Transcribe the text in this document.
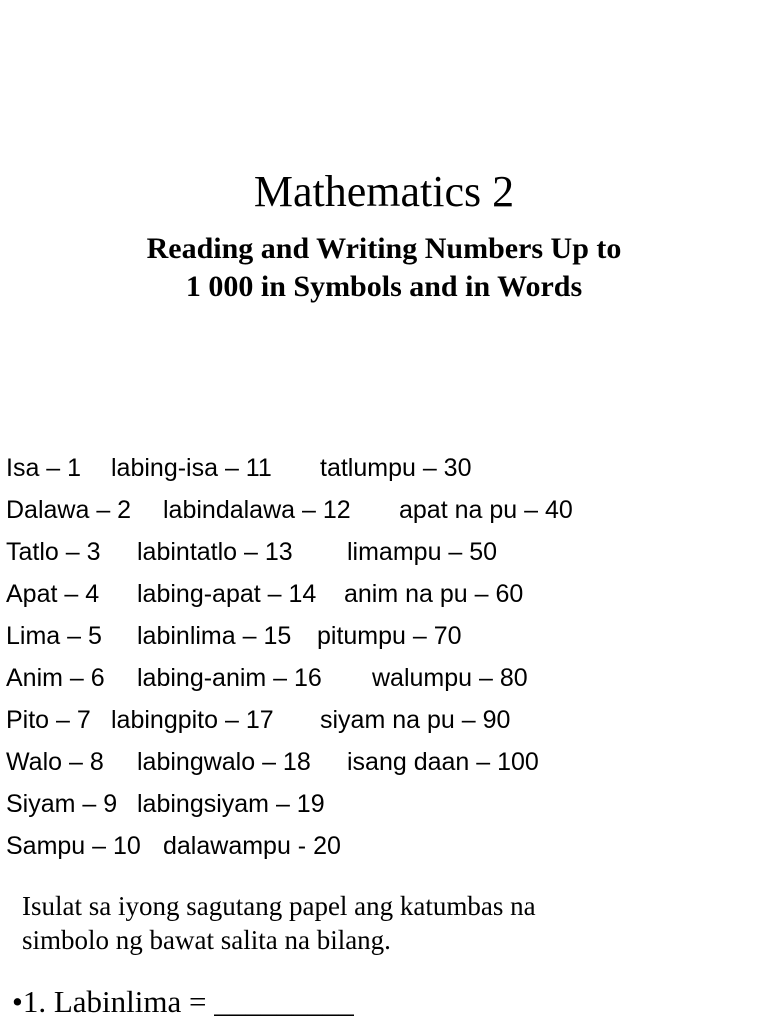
Mathematics 2
Reading and Writing Numbers Up to
1 000 in Symbols and in Words
Isa – 1 labing-isa – 11 tatlumpu – 30
Dalawa – 2 labindalawa – 12 apat na pu – 40
Tatlo – 3 labintatlo – 13 limampu – 50
Apat – 4 labing-apat – 14 anim na pu – 60
Lima – 5 labinlima – 15 pitumpu – 70
Anim – 6 labing-anim – 16 walumpu – 80
Pito – 7 labingpito – 17 siyam na pu – 90
Walo – 8 labingwalo – 18 isang daan – 100
Siyam – 9 labingsiyam – 19
Sampu – 10 dalawampu - 20
Isulat sa iyong sagutang papel ang katumbas na
simbolo ng bawat salita na bilang.
•1. Labinlima = _________
